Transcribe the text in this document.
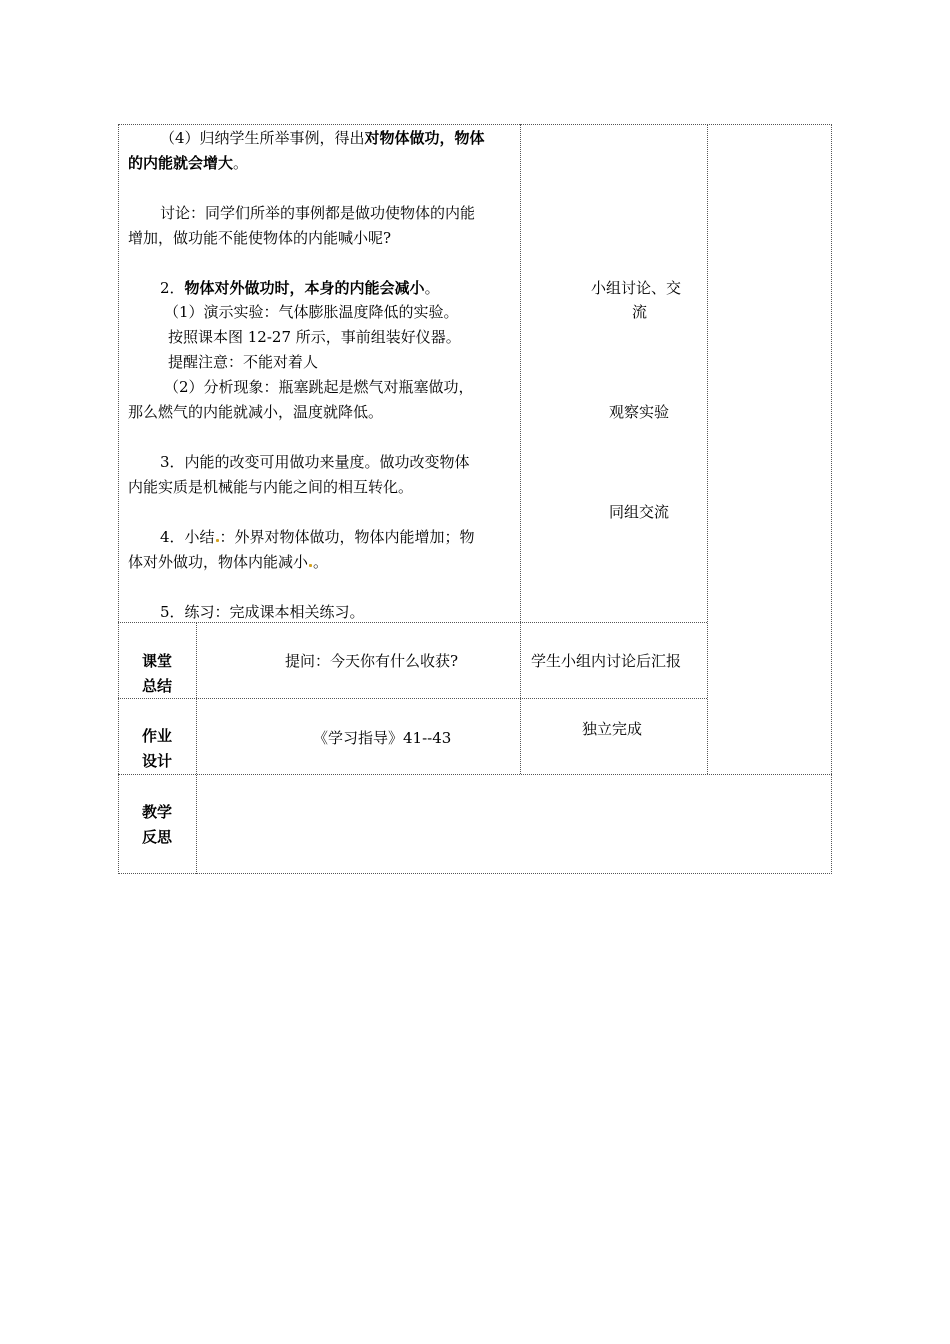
（4）归纳学生所举事例，得出对物体做功，物体
的内能就会增大。
讨论：同学们所举的事例都是做功使物体的内能
增加，做功能不能使物体的内能喊小呢?
2．物体对外做功时，本身的内能会减小。
（1）演示实验：气体膨胀温度降低的实验。
按照课本图 12-27 所示，事前组装好仪器。
提醒注意：不能对着人
（2）分析现象：瓶塞跳起是燃气对瓶塞做功，
那么燃气的内能就减小，温度就降低。
3．内能的改变可用做功来量度。做功改变物体
内能实质是机械能与内能之间的相互转化。
4．小结 ：外界对物体做功，物体内能增加；物
体对外做功，物体内能减小 。
5．练习：完成课本相关练习。
小组讨论、交
流
观察实验
同组交流
课堂
总结
提问：今天你有什么收获?	学生小组内讨论后汇报
作业
设计
《学习指导》41--43	独立完成
教学
反思
